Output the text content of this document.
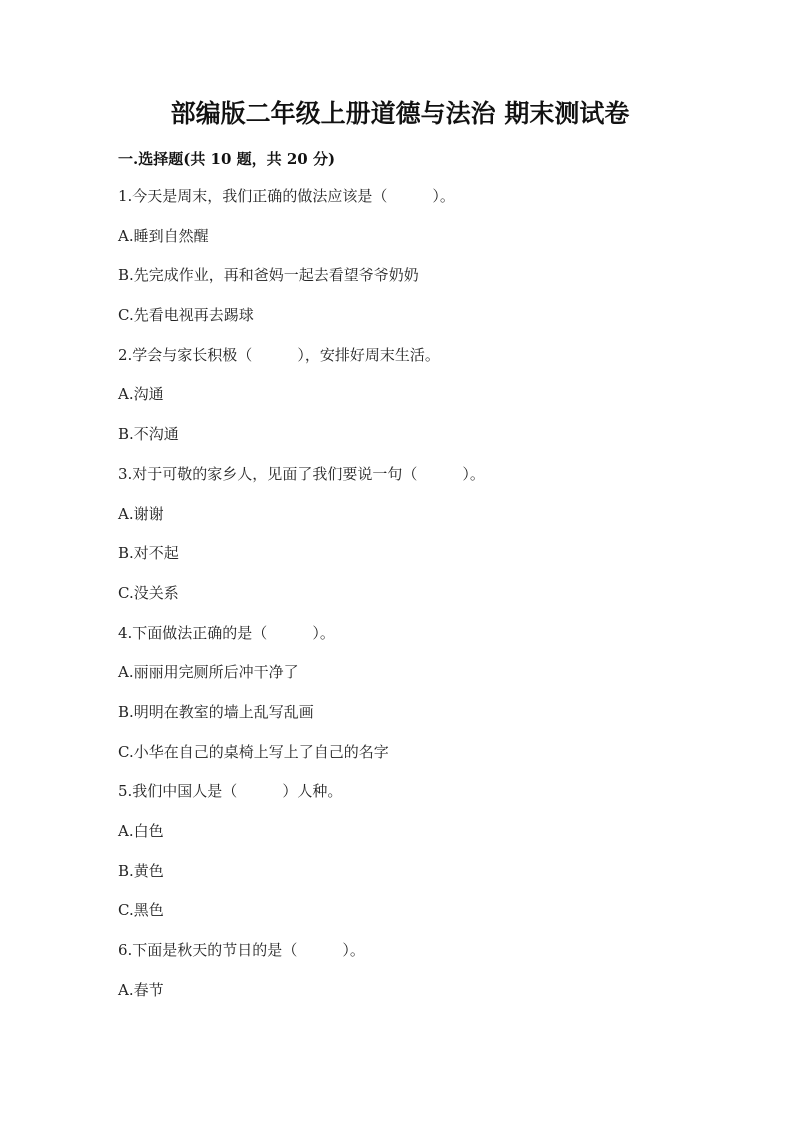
部编版二年级上册道德与法治 期末测试卷
一.选择题(共 10 题，共 20 分)
1.今天是周末，我们正确的做法应该是（　　　）。
A.睡到自然醒
B.先完成作业，再和爸妈一起去看望爷爷奶奶
C.先看电视再去踢球
2.学会与家长积极（　　　），安排好周末生活。
A.沟通
B.不沟通
3.对于可敬的家乡人，见面了我们要说一句（　　　）。
A.谢谢
B.对不起
C.没关系
4.下面做法正确的是（　　　）。
A.丽丽用完厕所后冲干净了
B.明明在教室的墙上乱写乱画
C.小华在自己的桌椅上写上了自己的名字
5.我们中国人是（　　　）人种。
A.白色
B.黄色
C.黑色
6.下面是秋天的节日的是（　　　）。
A.春节
